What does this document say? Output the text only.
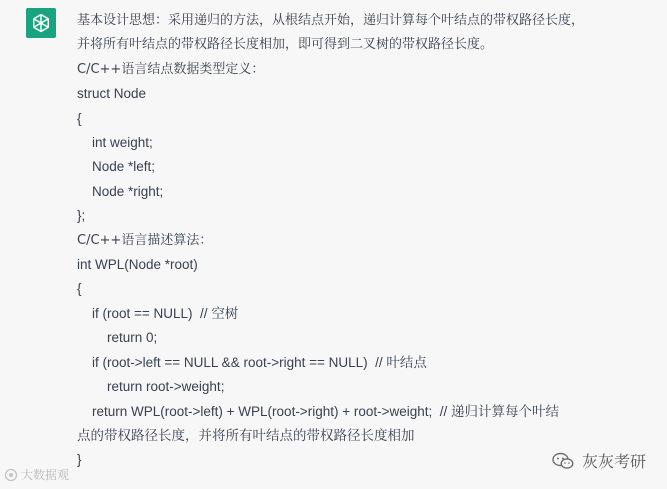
基本设计思想：采用递归的方法，从根结点开始，递归计算每个叶结点的带权路径长度，
并将所有叶结点的带权路径长度相加，即可得到二叉树的带权路径长度。
C/C++语言结点数据类型定义：
struct Node
{
int weight;
Node *left;
Node *right;
};
C/C++语言描述算法：
int WPL(Node *root)
{
if (root == NULL)  // 空树
return 0;
if (root->left == NULL && root->right == NULL)  // 叶结点
return root->weight;
return WPL(root->left) + WPL(root->right) + root->weight;  // 递归计算每个叶结
点的带权路径长度，并将所有叶结点的带权路径长度相加
}
大数据观
灰灰考研
